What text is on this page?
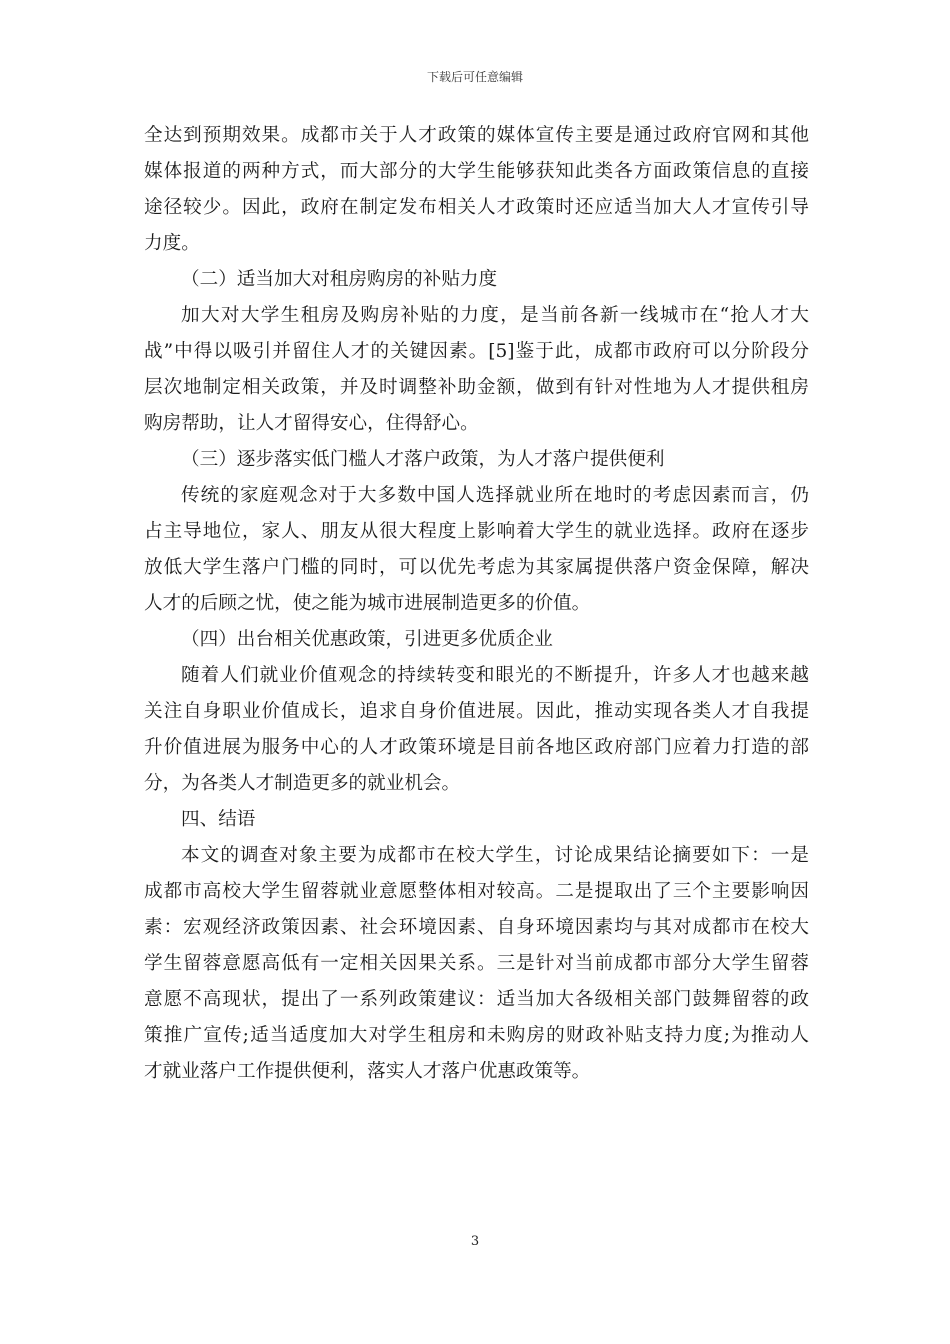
下载后可任意编辑
全达到预期效果。成都市关于人才政策的媒体宣传主要是通过政府官网和其他
媒体报道的两种方式，而大部分的大学生能够获知此类各方面政策信息的直接
途径较少。因此，政府在制定发布相关人才政策时还应适当加大人才宣传引导
力度。
（二）适当加大对租房购房的补贴力度
加大对大学生租房及购房补贴的力度，是当前各新一线城市在“抢人才大
战”中得以吸引并留住人才的关键因素。[5]鉴于此，成都市政府可以分阶段分
层次地制定相关政策，并及时调整补助金额，做到有针对性地为人才提供租房
购房帮助，让人才留得安心，住得舒心。
（三）逐步落实低门槛人才落户政策，为人才落户提供便利
传统的家庭观念对于大多数中国人选择就业所在地时的考虑因素而言，仍
占主导地位，家人、朋友从很大程度上影响着大学生的就业选择。政府在逐步
放低大学生落户门槛的同时，可以优先考虑为其家属提供落户资金保障，解决
人才的后顾之忧，使之能为城市进展制造更多的价值。
（四）出台相关优惠政策，引进更多优质企业
随着人们就业价值观念的持续转变和眼光的不断提升，许多人才也越来越
关注自身职业价值成长，追求自身价值进展。因此，推动实现各类人才自我提
升价值进展为服务中心的人才政策环境是目前各地区政府部门应着力打造的部
分，为各类人才制造更多的就业机会。
四、结语
本文的调查对象主要为成都市在校大学生，讨论成果结论摘要如下：一是
成都市高校大学生留蓉就业意愿整体相对较高。二是提取出了三个主要影响因
素：宏观经济政策因素、社会环境因素、自身环境因素均与其对成都市在校大
学生留蓉意愿高低有一定相关因果关系。三是针对当前成都市部分大学生留蓉
意愿不高现状，提出了一系列政策建议：适当加大各级相关部门鼓舞留蓉的政
策推广宣传;适当适度加大对学生租房和未购房的财政补贴支持力度;为推动人
才就业落户工作提供便利，落实人才落户优惠政策等。
3
